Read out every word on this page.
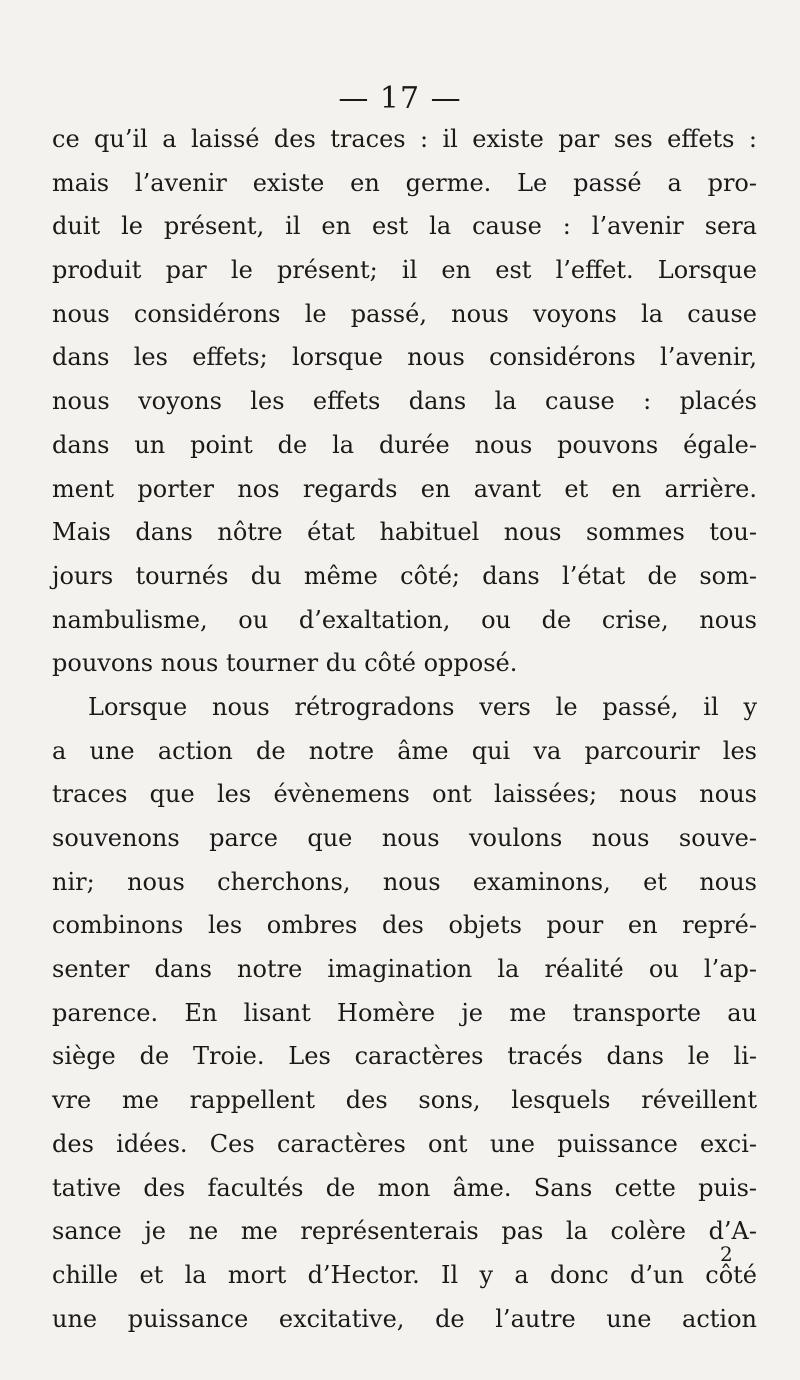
— 17 —
ce qu’il a laissé des traces : il existe par ses effets :
mais l’avenir existe en germe. Le passé a pro-
duit le présent, il en est la cause : l’avenir sera
produit par le présent; il en est l’effet. Lorsque
nous considérons le passé, nous voyons la cause
dans les effets; lorsque nous considérons l’avenir,
nous voyons les effets dans la cause : placés
dans un point de la durée nous pouvons égale-
ment porter nos regards en avant et en arrière.
Mais dans nôtre état habituel nous sommes tou-
jours tournés du même côté; dans l’état de som-
nambulisme, ou d’exaltation, ou de crise, nous
pouvons nous tourner du côté opposé.
Lorsque nous rétrogradons vers le passé, il y
a une action de notre âme qui va parcourir les
traces que les évènemens ont laissées; nous nous
souvenons parce que nous voulons nous souve-
nir; nous cherchons, nous examinons, et nous
combinons les ombres des objets pour en repré-
senter dans notre imagination la réalité ou l’ap-
parence. En lisant Homère je me transporte au
siège de Troie. Les caractères tracés dans le li-
vre me rappellent des sons, lesquels réveillent
des idées. Ces caractères ont une puissance exci-
tative des facultés de mon âme. Sans cette puis-
sance je ne me représenterais pas la colère d’A-
chille et la mort d’Hector. Il y a donc d’un côté
une puissance excitative, de l’autre une action
2
